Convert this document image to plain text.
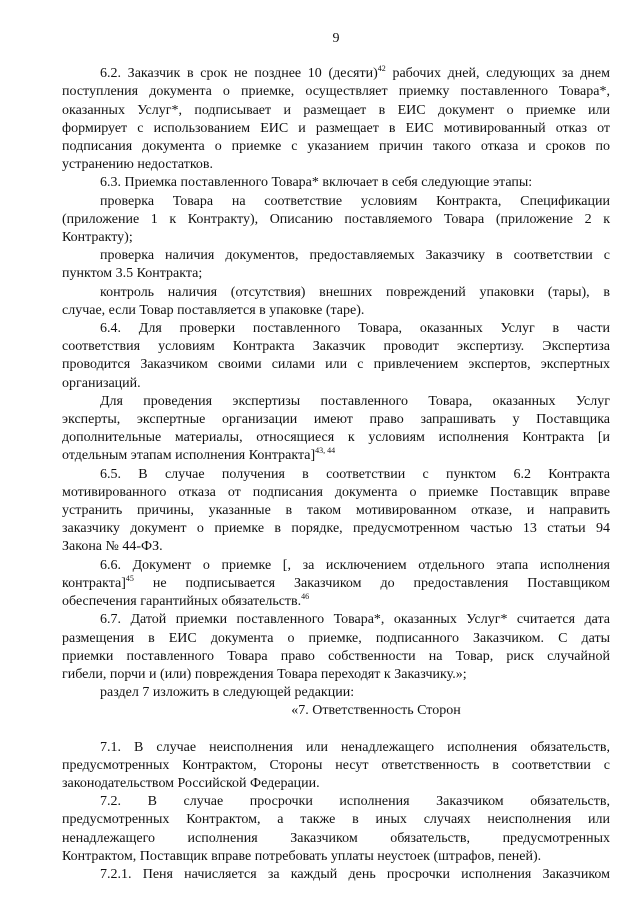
9
6.2. Заказчик в срок не позднее 10 (десяти)$^{42}$ рабочих дней, следующих за днем
поступления документа о приемке, осуществляет приемку поставленного Товара*,
оказанных Услуг*, подписывает и размещает в ЕИС документ о приемке или
формирует с использованием ЕИС и размещает в ЕИС мотивированный отказ от
подписания документа о приемке с указанием причин такого отказа и сроков по
устранению недостатков.
6.3. Приемка поставленного Товара* включает в себя следующие этапы:
проверка Товара на соответствие условиям Контракта, Спецификации
(приложение 1 к Контракту), Описанию поставляемого Товара (приложение 2 к
Контракту);
проверка наличия документов, предоставляемых Заказчику в соответствии с
пунктом 3.5 Контракта;
контроль наличия (отсутствия) внешних повреждений упаковки (тары), в
случае, если Товар поставляется в упаковке (таре).
6.4. Для проверки поставленного Товара, оказанных Услуг в части
соответствия условиям Контракта Заказчик проводит экспертизу. Экспертиза
проводится Заказчиком своими силами или с привлечением экспертов, экспертных
организаций.
Для проведения экспертизы поставленного Товара, оказанных Услуг
эксперты, экспертные организации имеют право запрашивать у Поставщика
дополнительные материалы, относящиеся к условиям исполнения Контракта [и
отдельным этапам исполнения Контракта]$^{43, 44}$
6.5. В случае получения в соответствии с пунктом 6.2 Контракта
мотивированного отказа от подписания документа о приемке Поставщик вправе
устранить причины, указанные в таком мотивированном отказе, и направить
заказчику документ о приемке в порядке, предусмотренном частью 13 статьи 94
Закона № 44-ФЗ.
6.6. Документ о приемке [, за исключением отдельного этапа исполнения
контракта]$^{45}$ не подписывается Заказчиком до предоставления Поставщиком
обеспечения гарантийных обязательств.$^{46}$
6.7. Датой приемки поставленного Товара*, оказанных Услуг* считается дата
размещения в ЕИС документа о приемке, подписанного Заказчиком. С даты
приемки поставленного Товара право собственности на Товар, риск случайной
гибели, порчи и (или) повреждения Товара переходят к Заказчику.»;
раздел 7 изложить в следующей редакции:
«7. Ответственность Сторон
7.1. В случае неисполнения или ненадлежащего исполнения обязательств,
предусмотренных Контрактом, Стороны несут ответственность в соответствии с
законодательством Российской Федерации.
7.2. В случае просрочки исполнения Заказчиком обязательств,
предусмотренных Контрактом, а также в иных случаях неисполнения или
ненадлежащего исполнения Заказчиком обязательств, предусмотренных
Контрактом, Поставщик вправе потребовать уплаты неустоек (штрафов, пеней).
7.2.1. Пеня начисляется за каждый день просрочки исполнения Заказчиком
